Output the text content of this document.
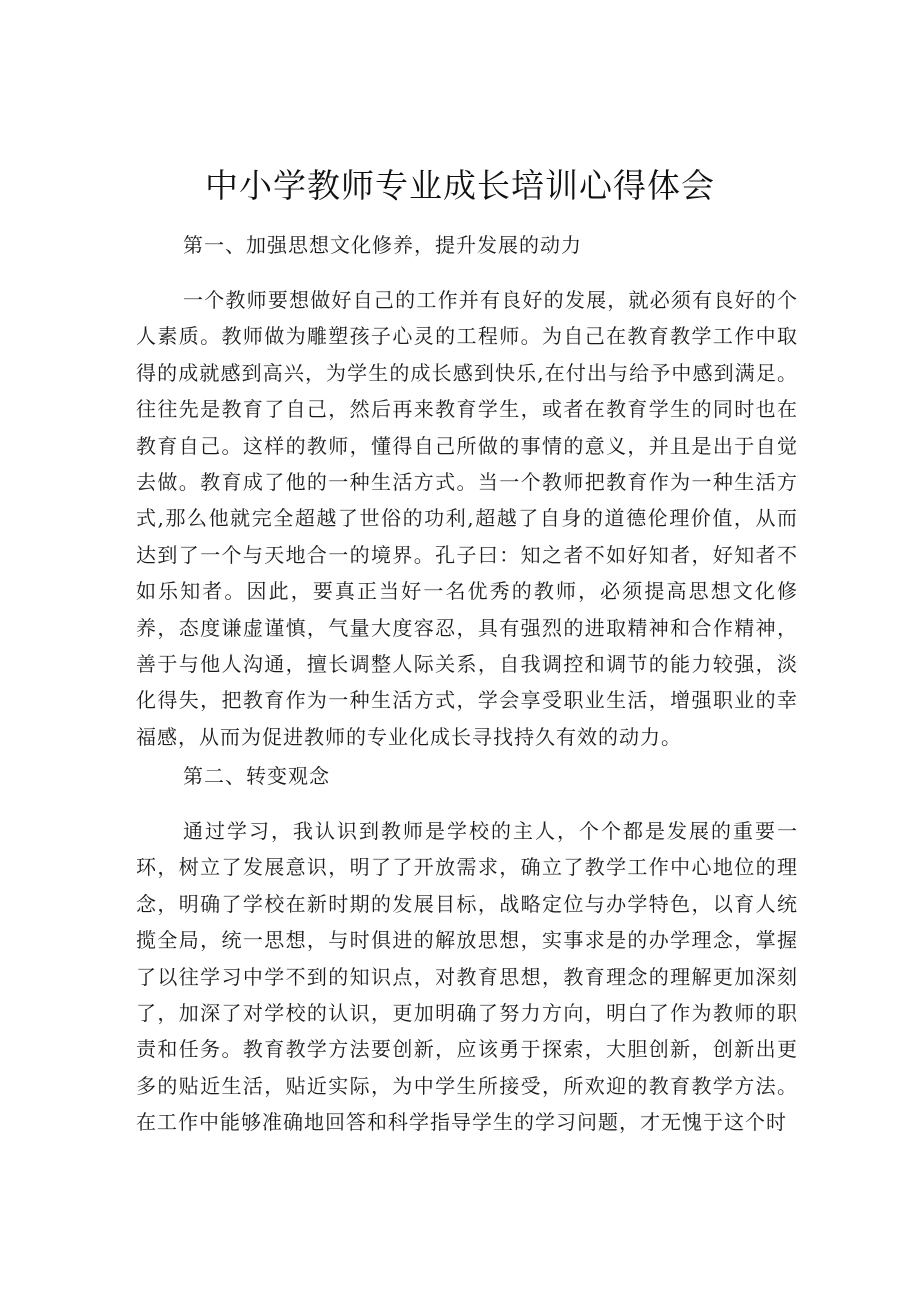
中小学教师专业成长培训心得体会

第一、加强思想文化修养，提升发展的动力

一个教师要想做好自己的工作并有良好的发展，就必须有良好的个人素质。教师做为雕塑孩子心灵的工程师。为自己在教育教学工作中取得的成就感到高兴，为学生的成长感到快乐,在付出与给予中感到满足。往往先是教育了自己，然后再来教育学生，或者在教育学生的同时也在教育自己。这样的教师，懂得自己所做的事情的意义，并且是出于自觉去做。教育成了他的一种生活方式。当一个教师把教育作为一种生活方式,那么他就完全超越了世俗的功利,超越了自身的道德伦理价值，从而达到了一个与天地合一的境界。孔子曰：知之者不如好知者，好知者不如乐知者。因此，要真正当好一名优秀的教师，必须提高思想文化修养，态度谦虚谨慎，气量大度容忍，具有强烈的进取精神和合作精神，善于与他人沟通，擅长调整人际关系，自我调控和调节的能力较强，淡化得失，把教育作为一种生活方式，学会享受职业生活，增强职业的幸福感，从而为促进教师的专业化成长寻找持久有效的动力。

第二、转变观念

通过学习，我认识到教师是学校的主人，个个都是发展的重要一环，树立了发展意识，明了了开放需求，确立了教学工作中心地位的理念，明确了学校在新时期的发展目标，战略定位与办学特色，以育人统揽全局，统一思想，与时俱进的解放思想，实事求是的办学理念，掌握了以往学习中学不到的知识点，对教育思想，教育理念的理解更加深刻了，加深了对学校的认识，更加明确了努力方向，明白了作为教师的职责和任务。教育教学方法要创新，应该勇于探索，大胆创新，创新出更多的贴近生活，贴近实际，为中学生所接受，所欢迎的教育教学方法。在工作中能够准确地回答和科学指导学生的学习问题，才无愧于这个时
